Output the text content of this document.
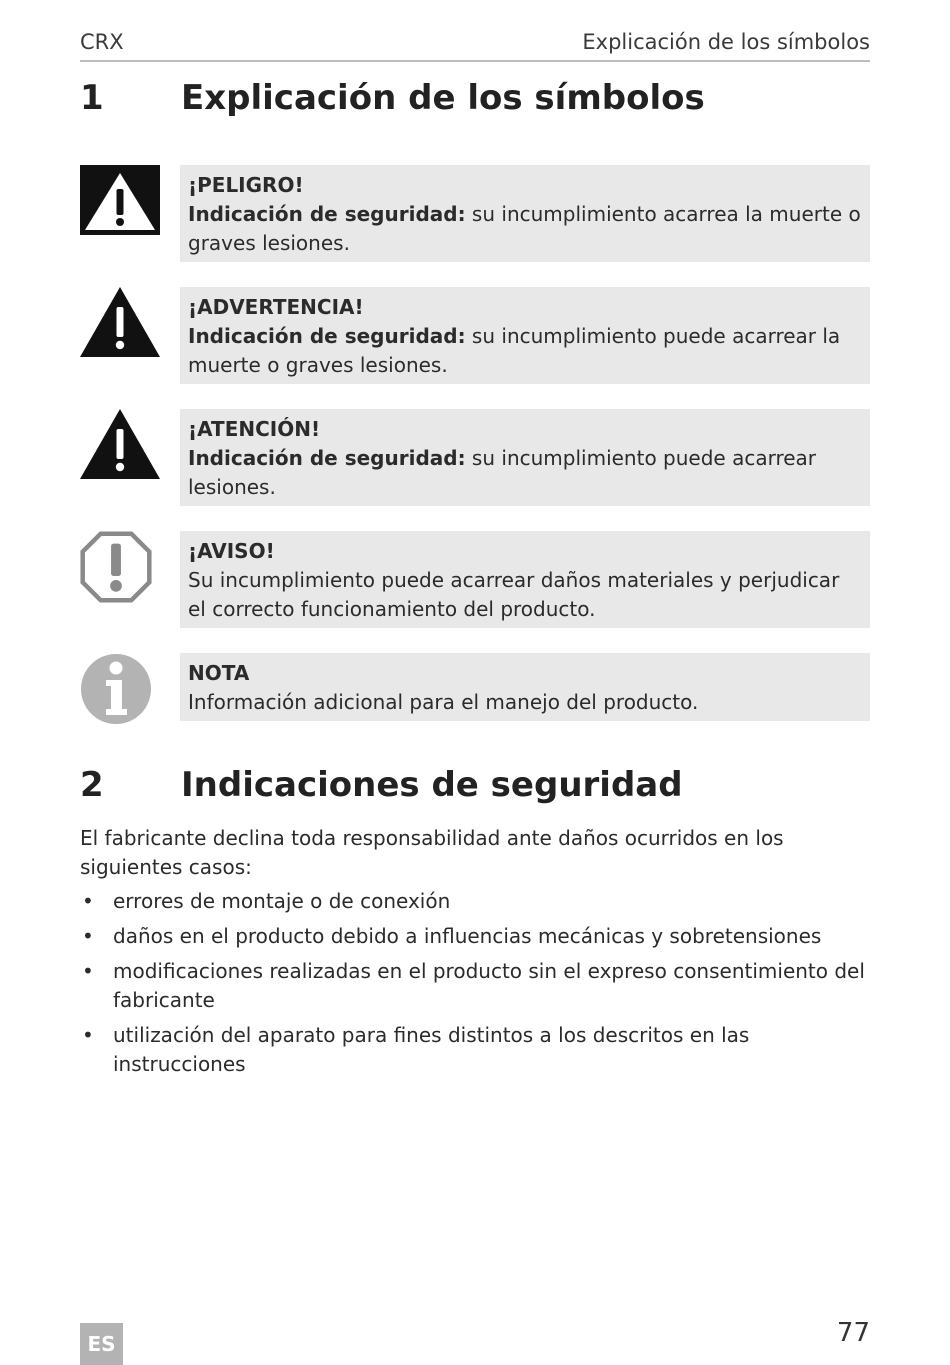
CRX	Explicación de los símbolos
1 Explicación de los símbolos
¡PELIGRO!
Indicación de seguridad: su incumplimiento acarrea la muerte o graves lesiones.
¡ADVERTENCIA!
Indicación de seguridad: su incumplimiento puede acarrear la muerte o graves lesiones.
¡ATENCIÓN!
Indicación de seguridad: su incumplimiento puede acarrear lesiones.
¡AVISO!
Su incumplimiento puede acarrear daños materiales y perjudicar el correcto funcionamiento del producto.
NOTA
Información adicional para el manejo del producto.
2 Indicaciones de seguridad
El fabricante declina toda responsabilidad ante daños ocurridos en los siguientes casos:
• errores de montaje o de conexión
• daños en el producto debido a influencias mecánicas y sobretensiones
• modificaciones realizadas en el producto sin el expreso consentimiento del fabricante
• utilización del aparato para fines distintos a los descritos en las instrucciones
ES	77
